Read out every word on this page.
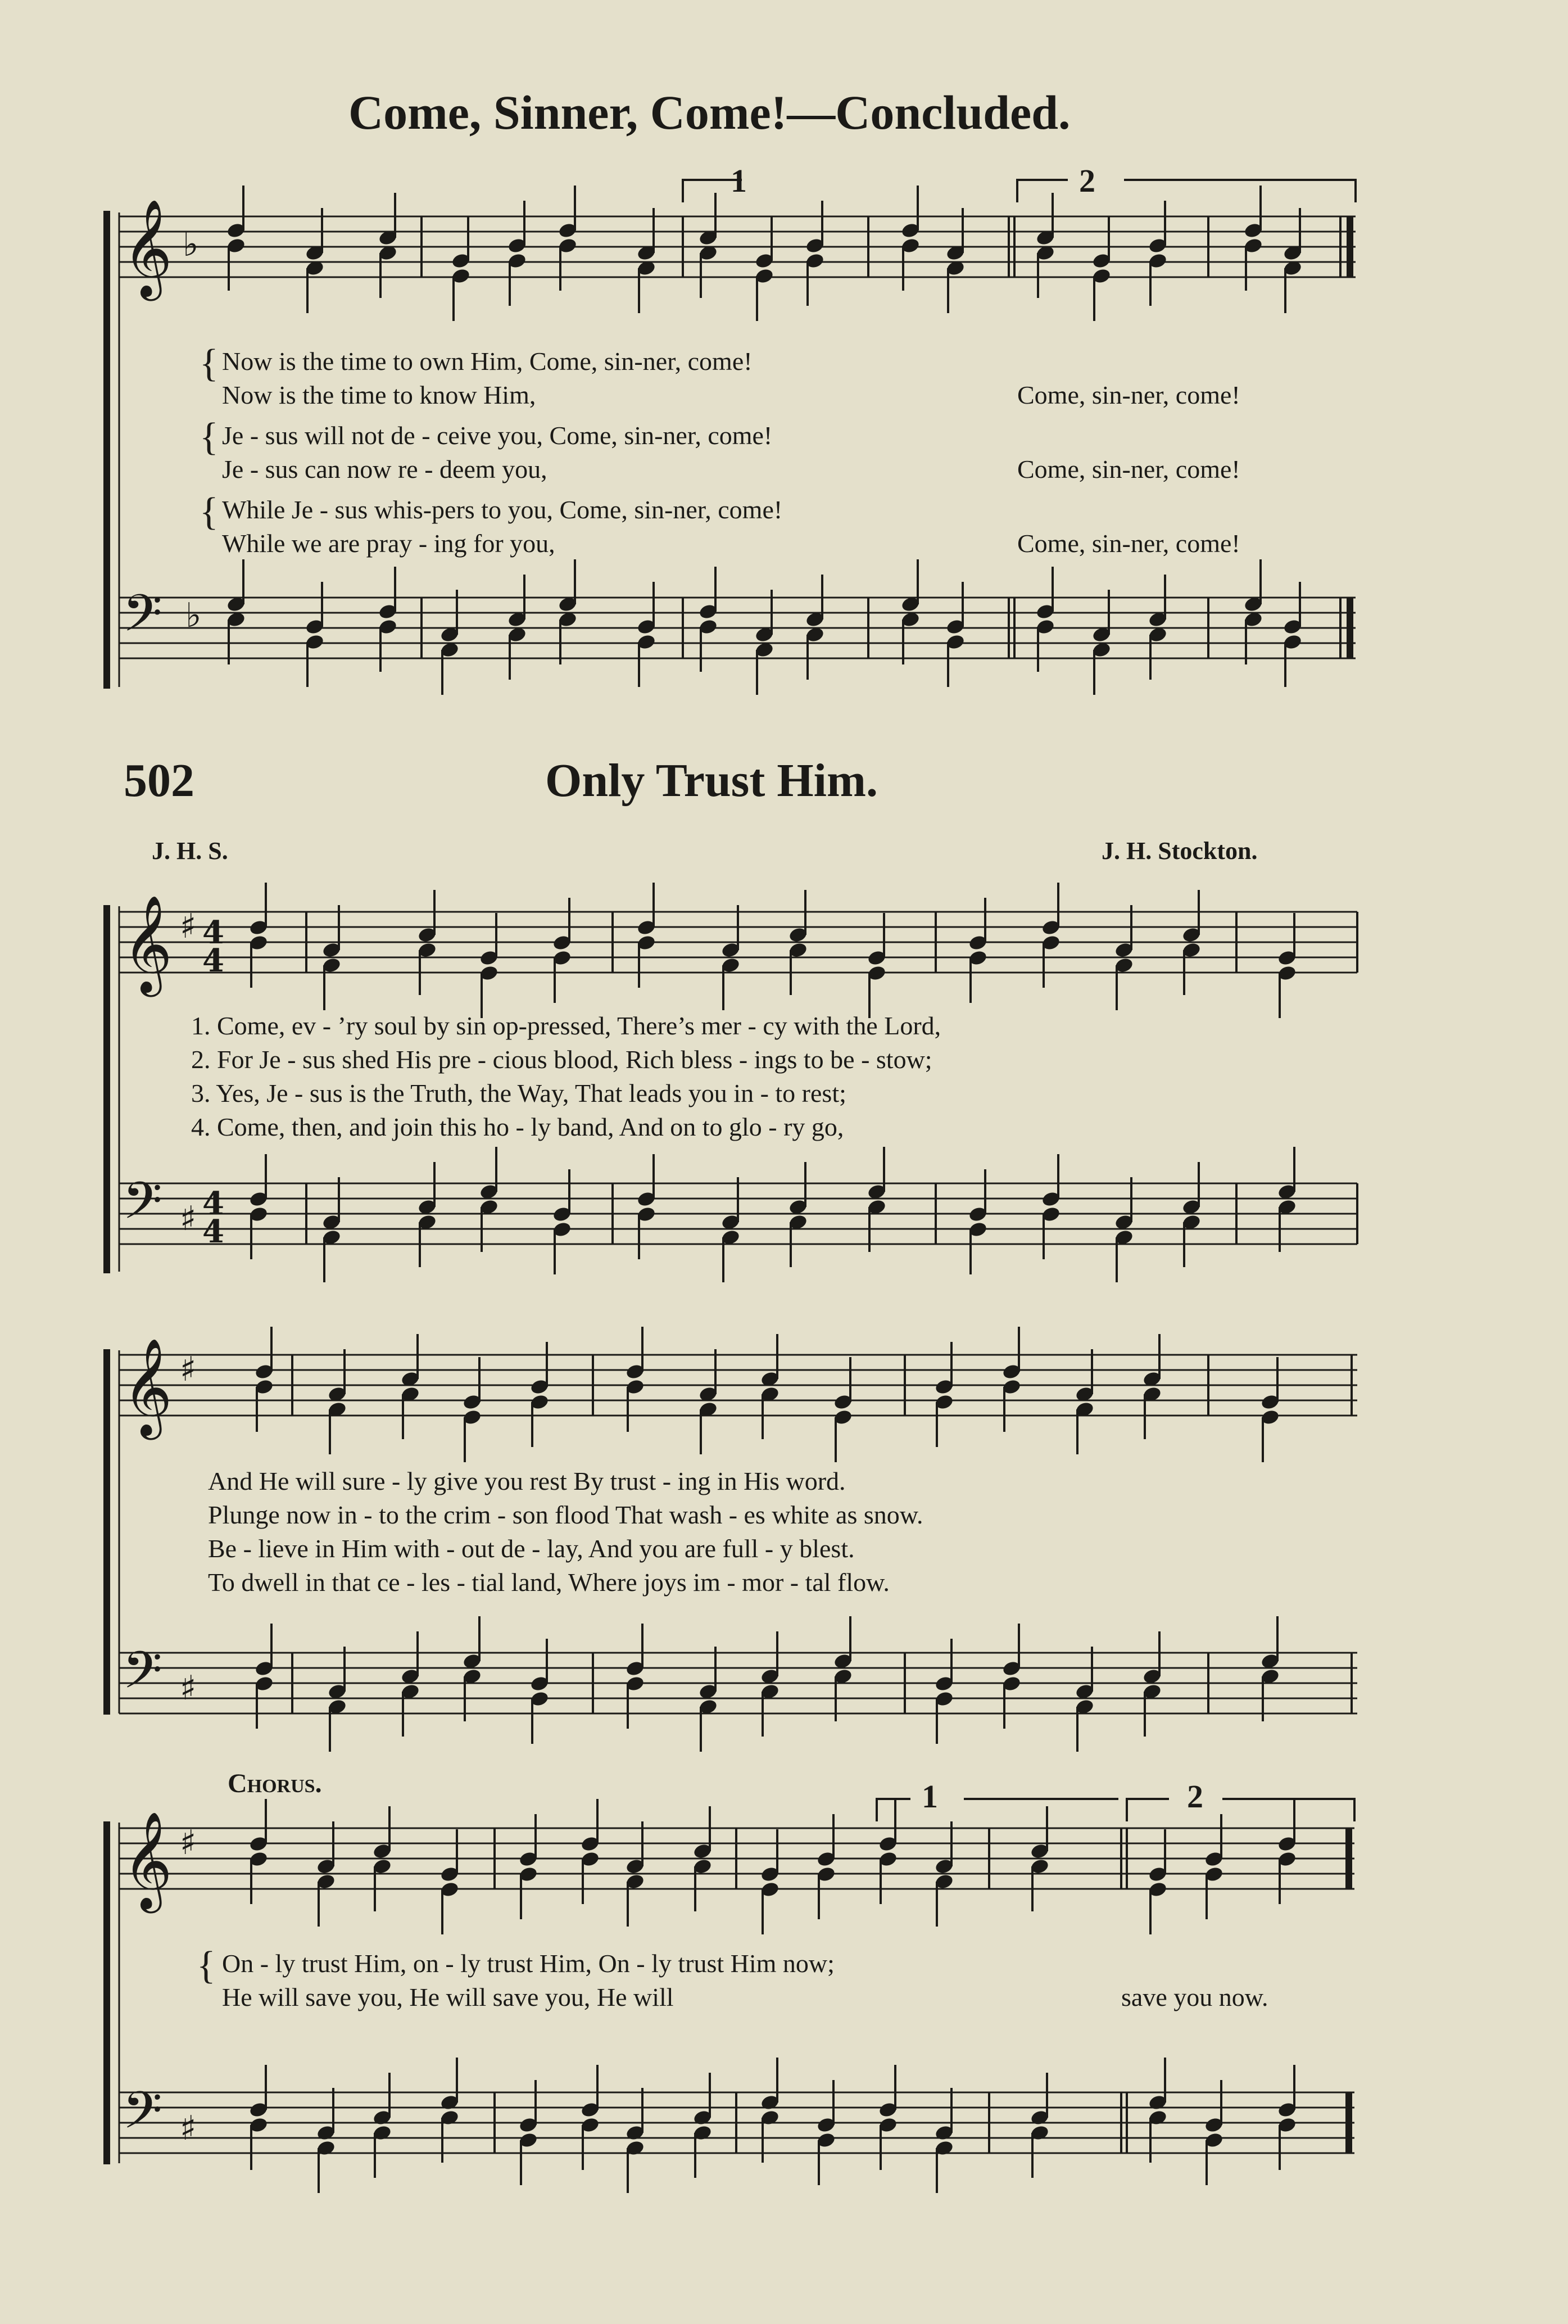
Come, Sinner, Come!—Concluded.
1	2
𝄞 ♭
𝄢 ♭
{ Now is the time to own Him, Come, sin-ner, come!
Now is the time to know Him,	Come, sin-ner, come!
{ Je - sus will not de - ceive you, Come, sin-ner, come!
Je - sus can now re - deem you,	Come, sin-ner, come!
{ While Je - sus whis-pers to you, Come, sin-ner, come!
While we are pray - ing for you,	Come, sin-ner, come!
502	Only Trust Him.
J. H. S.	J. H. Stockton.
𝄞 ♯ 4
4
𝄢 ♯ 4
4
𝄞 ♯
𝄢 ♯
𝄞 ♯
𝄢 ♯
1	2
1. Come, ev - ’ry soul by sin op-pressed, There’s mer - cy with the Lord,
2. For Je - sus shed His pre - cious blood, Rich bless - ings to be - stow;
3. Yes, Je - sus is the Truth, the Way, That leads you in - to rest;
4. Come, then, and join this ho - ly band, And on to glo - ry go,
And He will sure - ly give you rest By trust - ing in His word.
Plunge now in - to the crim - son flood That wash - es white as snow.
Be - lieve in Him with - out de - lay, And you are full - y blest.
To dwell in that ce - les - tial land, Where joys im - mor - tal flow.
Chorus.
{ On - ly trust Him, on - ly trust Him, On - ly trust Him now;
He will save you, He will save you, He will	save you now.
